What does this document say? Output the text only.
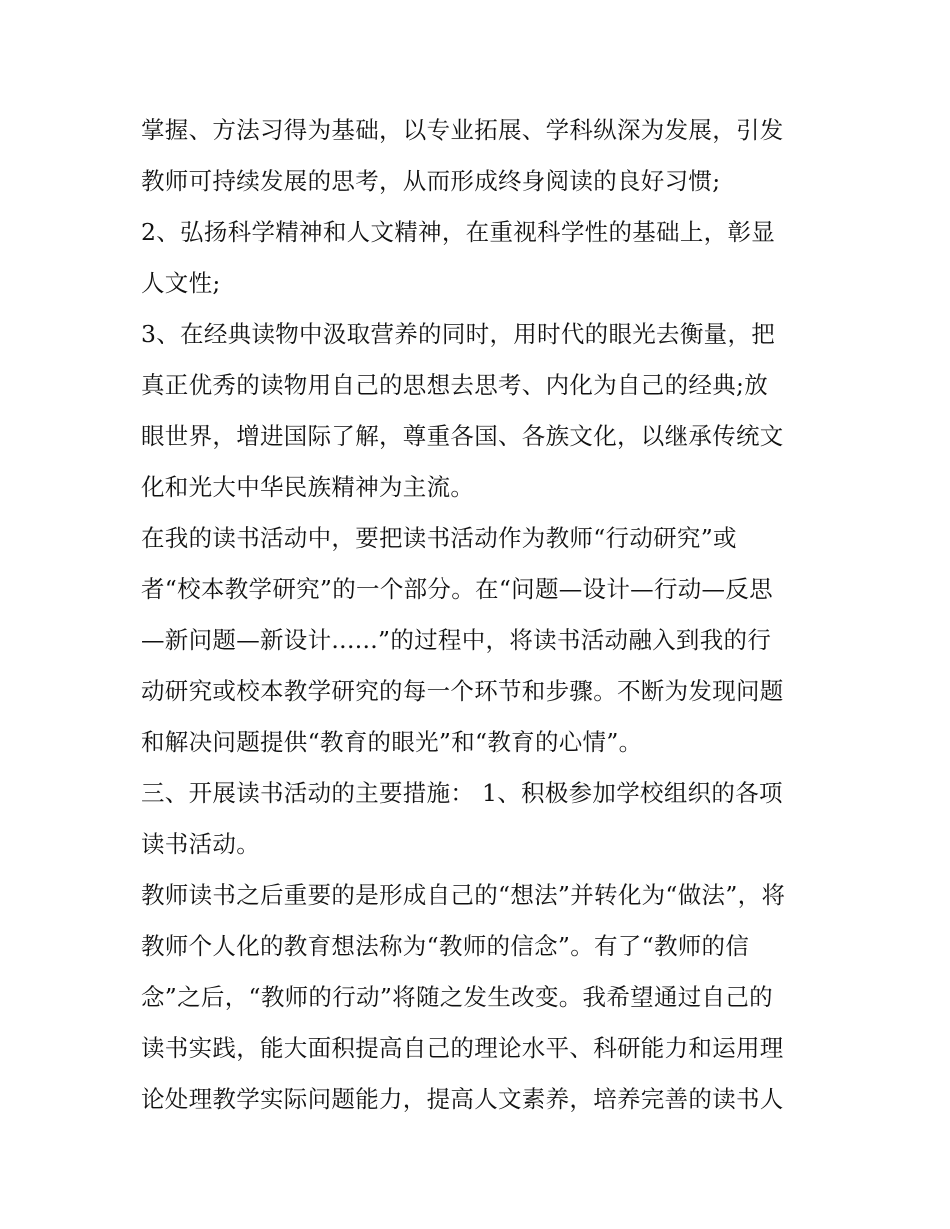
掌握、方法习得为基础，以专业拓展、学科纵深为发展，引发
教师可持续发展的思考，从而形成终身阅读的良好习惯;
2、弘扬科学精神和人文精神，在重视科学性的基础上，彰显
人文性;
3、在经典读物中汲取营养的同时，用时代的眼光去衡量，把
真正优秀的读物用自己的思想去思考、内化为自己的经典;放
眼世界，增进国际了解，尊重各国、各族文化，以继承传统文
化和光大中华民族精神为主流。
在我的读书活动中，要把读书活动作为教师“行动研究”或
者“校本教学研究”的一个部分。在“问题—设计—行动—反思
—新问题—新设计......”的过程中，将读书活动融入到我的行
动研究或校本教学研究的每一个环节和步骤。不断为发现问题
和解决问题提供“教育的眼光”和“教育的心情”。
三、开展读书活动的主要措施： 1、积极参加学校组织的各项
读书活动。
教师读书之后重要的是形成自己的“想法”并转化为“做法”，将
教师个人化的教育想法称为“教师的信念”。有了“教师的信
念”之后，“教师的行动”将随之发生改变。我希望通过自己的
读书实践，能大面积提高自己的理论水平、科研能力和运用理
论处理教学实际问题能力，提高人文素养，培养完善的读书人
